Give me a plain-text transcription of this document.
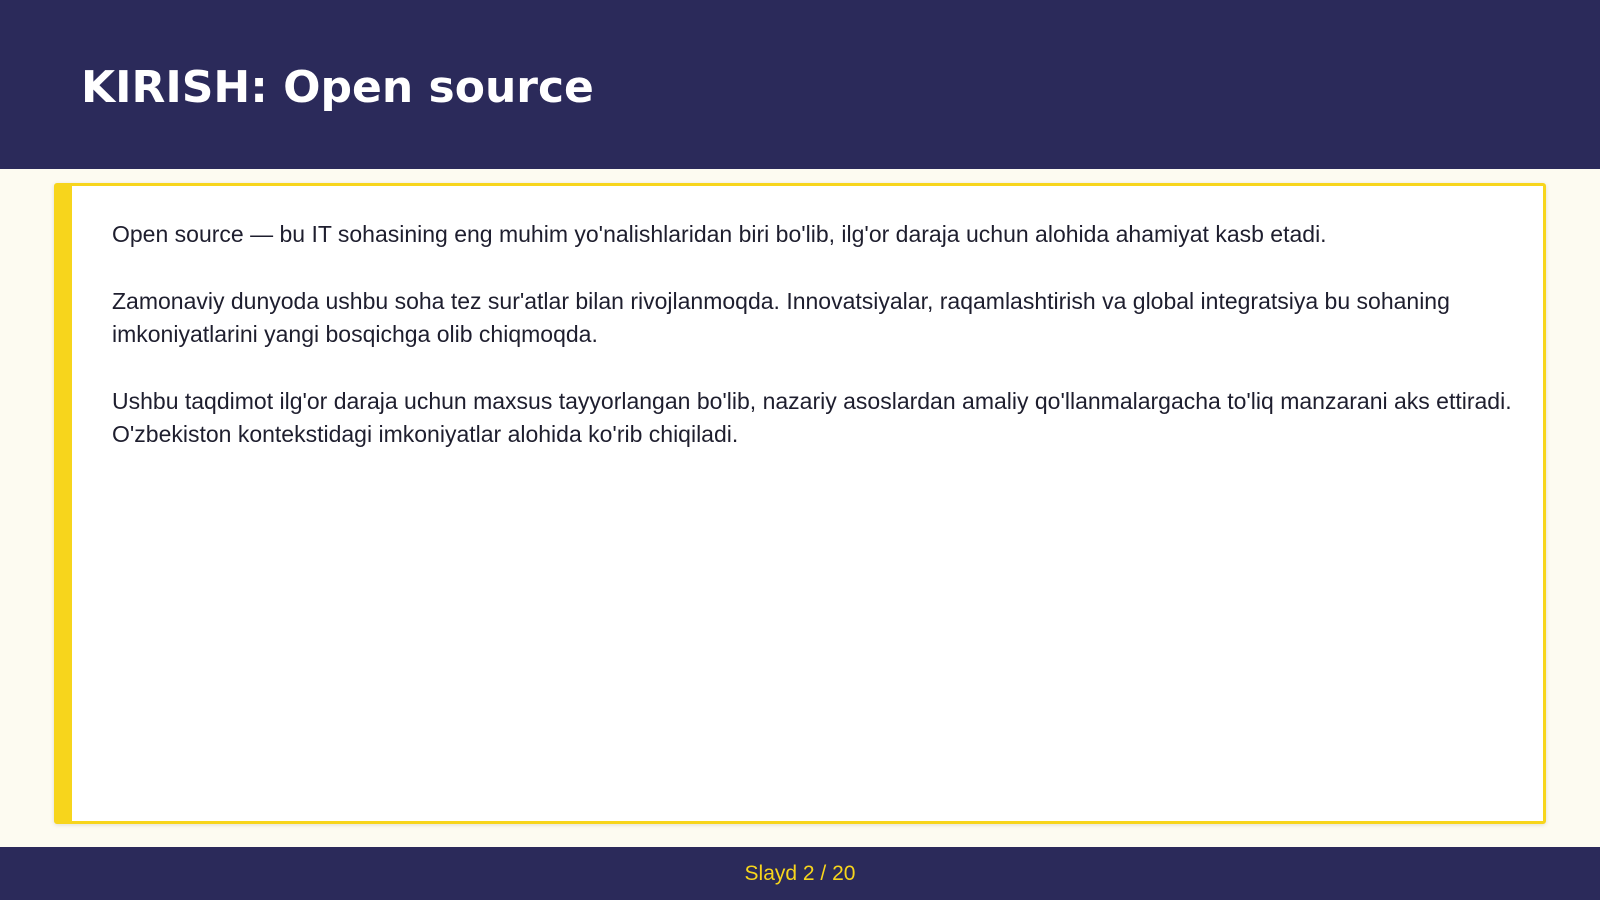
KIRISH: Open source

Open source — bu IT sohasining eng muhim yo'nalishlaridan biri bo'lib, ilg'or daraja uchun alohida ahamiyat kasb etadi.

Zamonaviy dunyoda ushbu soha tez sur'atlar bilan rivojlanmoqda. Innovatsiyalar, raqamlashtirish va global integratsiya bu sohaning imkoniyatlarini yangi bosqichga olib chiqmoqda.

Ushbu taqdimot ilg'or daraja uchun maxsus tayyorlangan bo'lib, nazariy asoslardan amaliy qo'llanmalargacha to'liq manzarani aks ettiradi. O'zbekiston kontekstidagi imkoniyatlar alohida ko'rib chiqiladi.

Slayd 2 / 20
